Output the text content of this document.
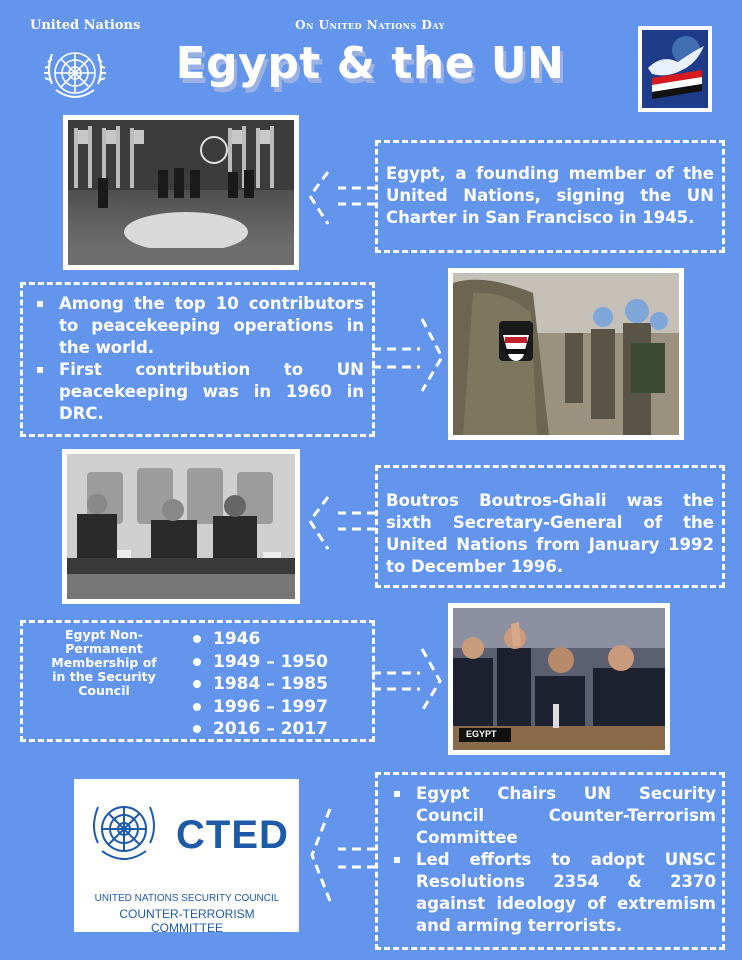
United Nations	On United Nations Day
Egypt & the UN
Egypt, a founding member of the United Nations, signing the UN Charter in San Francisco in 1945.
Among the top 10 contributors to peacekeeping operations in the world.
First contribution to UN peacekeeping was in 1960 in DRC.
Boutros Boutros-Ghali was the sixth Secretary-General of the United Nations from January 1992 to December 1996.
Egypt Non-Permanent Membership of in the Security Council
1946
1949 – 1950
1984 – 1985
1996 – 1997
2016 – 2017	EGYPT
CTED
UNITED NATIONS SECURITY COUNCIL
COUNTER-TERRORISM COMMITTEE
Egypt Chairs UN Security Council Counter-Terrorism Committee
Led efforts to adopt UNSC Resolutions 2354 & 2370 against ideology of extremism and arming terrorists.
